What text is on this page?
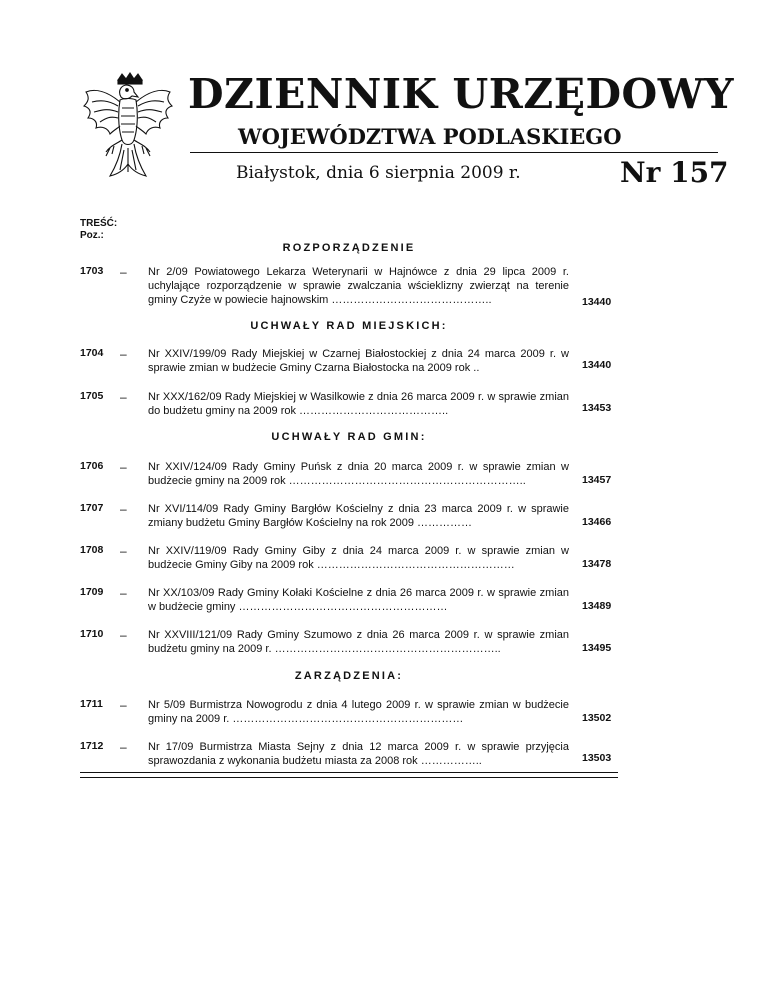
DZIENNIK URZĘDOWY
WOJEWÓDZTWA PODLASKIEGO
Białystok, dnia 6 sierpnia 2009 r.	Nr 157
TREŚĆ:
Poz.:
ROZPORZĄDZENIE
1703 – Nr 2/09 Powiatowego Lekarza Weterynarii w Hajnówce z dnia 29 lipca 2009 r. uchylające rozporządzenie w sprawie zwalczania wścieklizny zwierząt na terenie gminy Czyże w powiecie hajnowskim ……………………………………..	13440
UCHWAŁY RAD MIEJSKICH:
1704 – Nr XXIV/199/09 Rady Miejskiej w Czarnej Białostockiej z dnia 24 marca 2009 r. w sprawie zmian w budżecie Gminy Czarna Białostocka na 2009 rok ..	13440
1705 – Nr XXX/162/09 Rady Miejskiej w Wasilkowie z dnia 26 marca 2009 r. w sprawie zmian do budżetu gminy na 2009 rok …………………………………..	13453
UCHWAŁY RAD GMIN:
1706 – Nr XXIV/124/09 Rady Gminy Puńsk z dnia 20 marca 2009 r. w sprawie zmian w budżecie gminy na 2009 rok ………………………………………………………..	13457
1707 – Nr XVI/114/09 Rady Gminy Bargłów Kościelny z dnia 23 marca 2009 r. w sprawie zmiany budżetu Gminy Bargłów Kościelny na rok 2009 ……………	13466
1708 – Nr XXIV/119/09 Rady Gminy Giby z dnia 24 marca 2009 r. w sprawie zmian w budżecie Gminy Giby na 2009 rok ………………………………………………	13478
1709 – Nr XX/103/09 Rady Gminy Kołaki Kościelne z dnia 26 marca 2009 r. w sprawie zmian w budżecie gminy …………………………………………………	13489
1710 – Nr XXVIII/121/09 Rady Gminy Szumowo z dnia 26 marca 2009 r. w sprawie zmian budżetu gminy na 2009 r. ……………………………………………………..	13495
ZARZĄDZENIA:
1711 – Nr 5/09 Burmistrza Nowogrodu z dnia 4 lutego 2009 r. w sprawie zmian w budżecie gminy na 2009 r. ………………………………………………………	13502
1712 – Nr 17/09 Burmistrza Miasta Sejny z dnia 12 marca 2009 r. w sprawie przyjęcia sprawozdania z wykonania budżetu miasta za 2008 rok ……………..	13503
